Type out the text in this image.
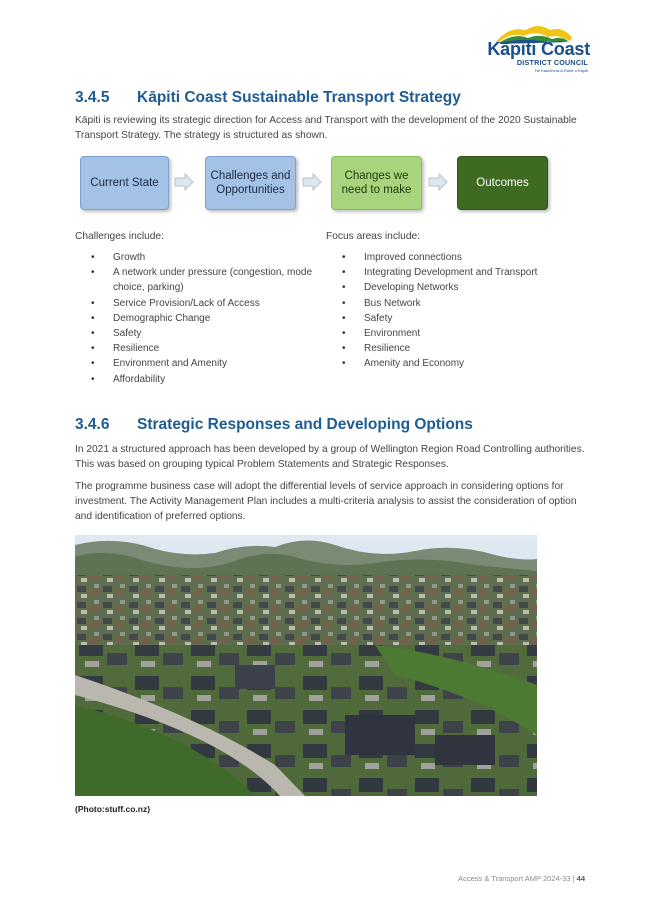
Kāpiti Coast
DISTRICT COUNCIL
He Kaunihera ā-Rohe o Kāpiti
3.4.5 Kāpiti Coast Sustainable Transport Strategy

Kāpiti is reviewing its strategic direction for Access and Transport with the development of the 2020 Sustainable Transport Strategy. The strategy is structured as shown.

Current State
Challenges and Opportunities
Changes we need to make
Outcomes
Challenges include:
• Growth
• A network under pressure (congestion, mode choice, parking)
• Service Provision/Lack of Access
• Demographic Change
• Safety
• Resilience
• Environment and Amenity
• Affordability
Focus areas include:
• Improved connections
• Integrating Development and Transport
• Developing Networks
• Bus Network
• Safety
• Environment
• Resilience
• Amenity and Economy
3.4.6 Strategic Responses and Developing Options

In 2021 a structured approach has been developed by a group of Wellington Region Road Controlling authorities. This was based on grouping typical Problem Statements and Strategic Responses.

The programme business case will adopt the differential levels of service approach in considering options for investment. The Activity Management Plan includes a multi-criteria analysis to assist the consideration of option and identification of preferred options.

(Photo:stuff.co.nz)
Access & Transport AMP 2024-33 | 44
